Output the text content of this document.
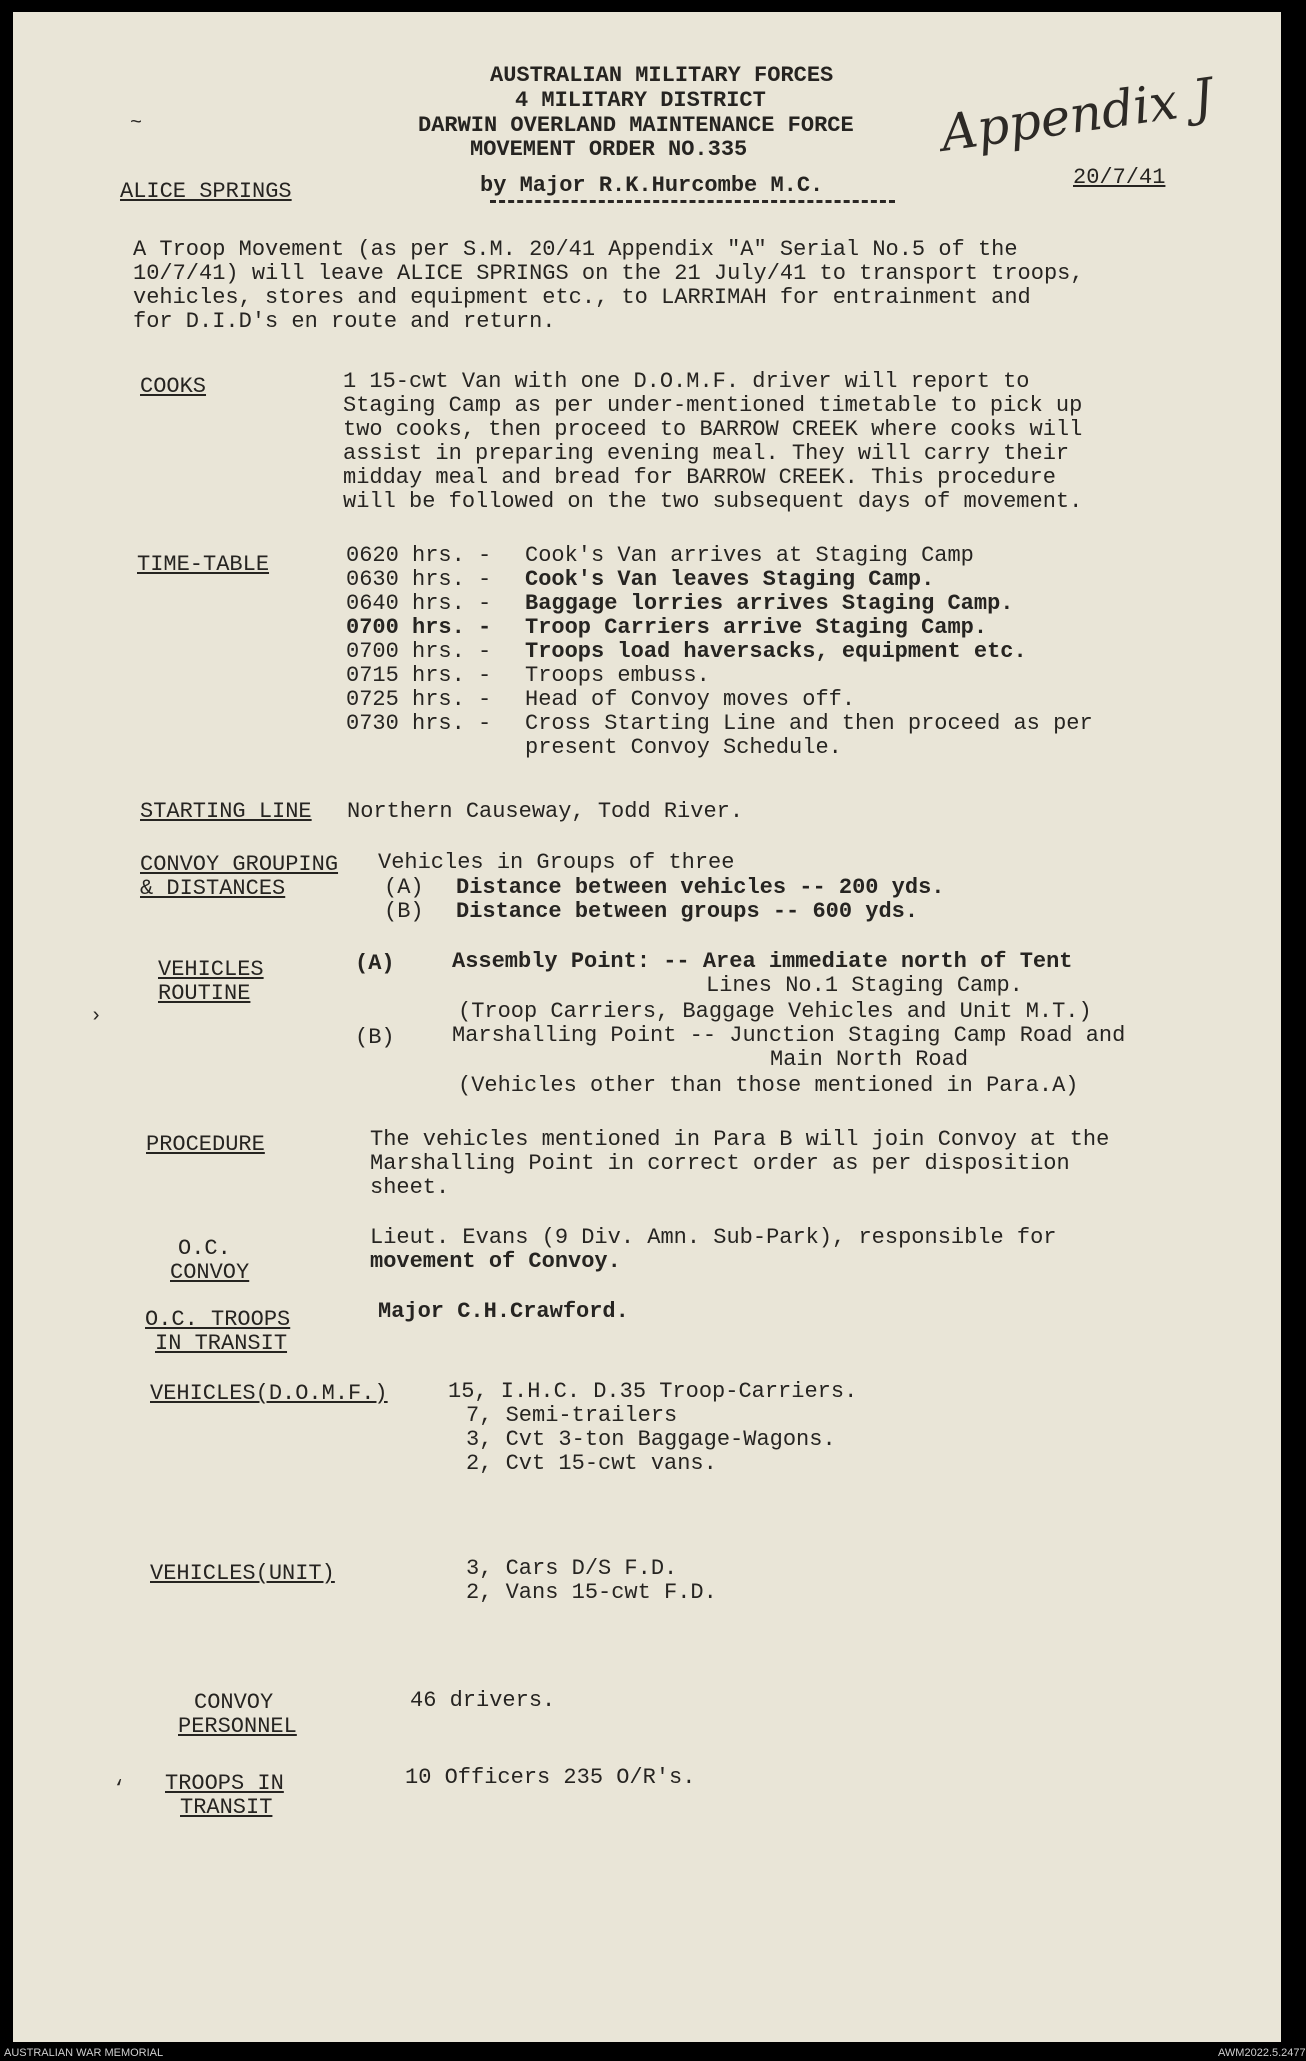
AUSTRALIAN MILITARY FORCES
4 MILITARY DISTRICT
DARWIN OVERLAND MAINTENANCE FORCE
MOVEMENT ORDER NO.335
by Major R.K.Hurcombe M.C.
ALICE SPRINGS
20/7/41
Appendix J
~
A Troop Movement (as per S.M. 20/41 Appendix "A" Serial No.5 of the
10/7/41) will leave ALICE SPRINGS on the 21 July/41 to transport troops,
vehicles, stores and equipment etc., to LARRIMAH for entrainment and
for D.I.D's en route and return.
COOKS	1 15-cwt Van with one D.O.M.F. driver will report to
Staging Camp as per under-mentioned timetable to pick up
two cooks, then proceed to BARROW CREEK where cooks will
assist in preparing evening meal. They will carry their
midday meal and bread for BARROW CREEK. This procedure
will be followed on the two subsequent days of movement.
TIME-TABLE	0620 hrs. - Cook's Van arrives at Staging Camp
0630 hrs. - Cook's Van leaves Staging Camp.
0640 hrs. - Baggage lorries arrives Staging Camp.
0700 hrs. - Troop Carriers arrive Staging Camp.
0700 hrs. - Troops load haversacks, equipment etc.
0715 hrs. - Troops embuss.
0725 hrs. - Head of Convoy moves off.
0730 hrs. - Cross Starting Line and then proceed as per
present Convoy Schedule.
STARTING LINE Northern Causeway, Todd River.
CONVOY GROUPING
& DISTANCES
Vehicles in Groups of three
(A) Distance between vehicles -- 200 yds.
(B) Distance between groups -- 600 yds.
VEHICLES
ROUTINE
(A)	Assembly Point: -- Area immediate north of Tent
Lines No.1 Staging Camp.
(Troop Carriers, Baggage Vehicles and Unit M.T.)
(B)	Marshalling Point -- Junction Staging Camp Road and
Main North Road
(Vehicles other than those mentioned in Para.A)
›
PROCEDURE	The vehicles mentioned in Para B will join Convoy at the
Marshalling Point in correct order as per disposition
sheet.
O.C.
CONVOY
Lieut. Evans (9 Div. Amn. Sub-Park), responsible for
movement of Convoy.
O.C. TROOPS
IN TRANSIT
Major C.H.Crawford.
VEHICLES(D.O.M.F.)	15, I.H.C. D.35 Troop-Carriers.
7, Semi-trailers
3, Cvt 3-ton Baggage-Wagons.
2, Cvt 15-cwt vans.
VEHICLES(UNIT)	3, Cars D/S F.D.
2, Vans 15-cwt F.D.
CONVOY
PERSONNEL
46 drivers.
TROOPS IN
TRANSIT
10 Officers 235 O/R's.
‘
AUSTRALIAN WAR MEMORIAL	AWM2022.5.2477
